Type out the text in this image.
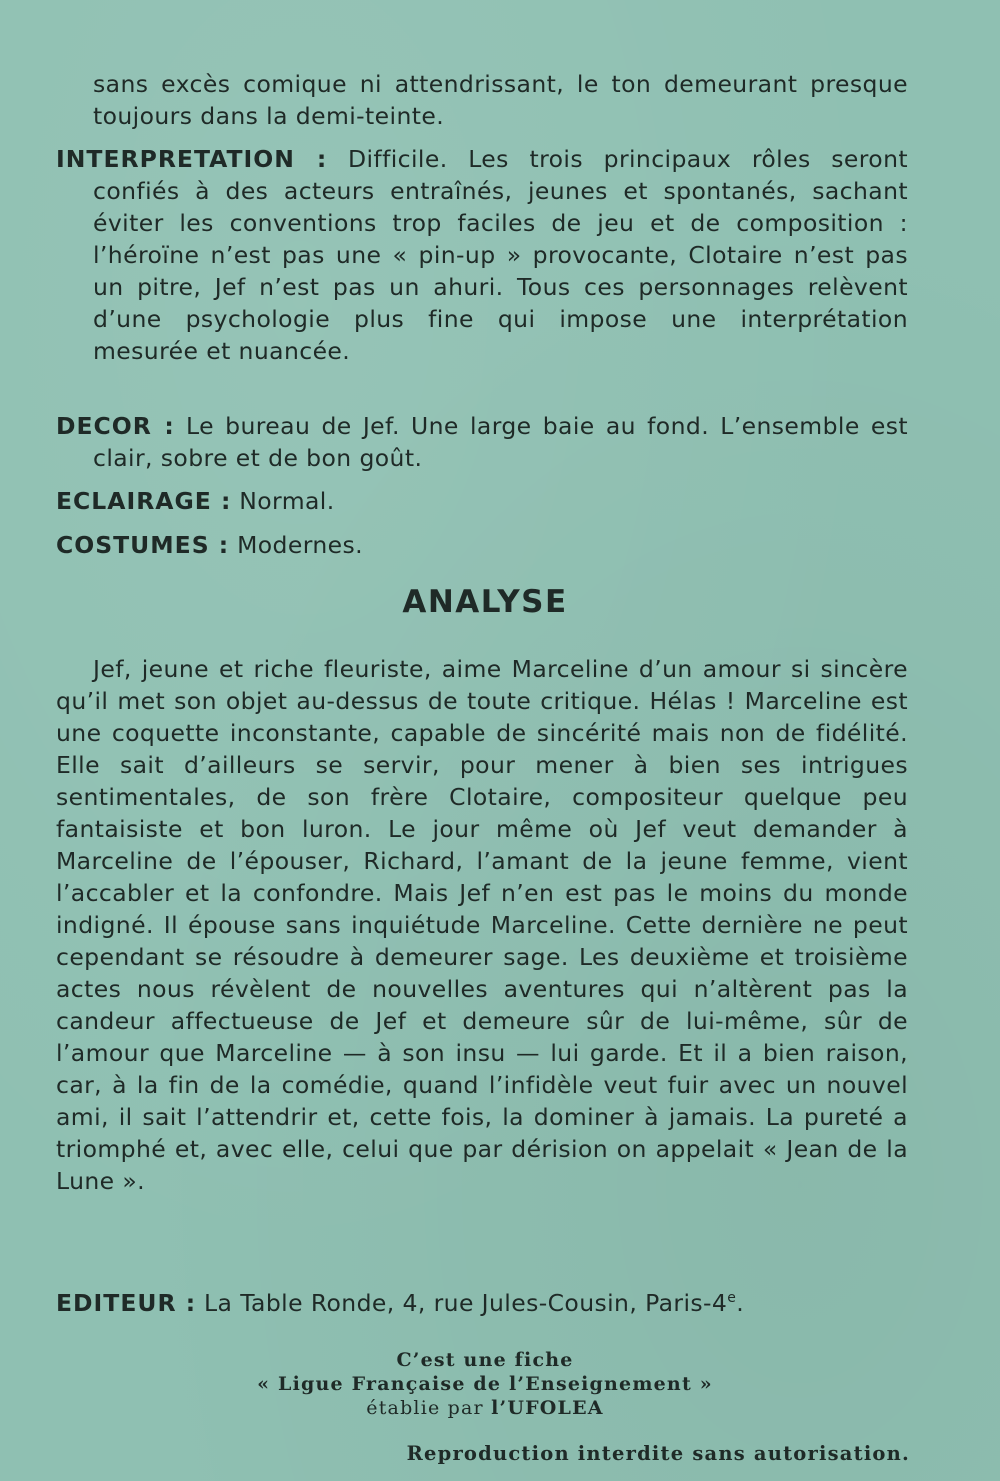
sans excès comique ni attendrissant, le ton demeurant presque toujours dans la demi-teinte.

INTERPRETATION : Difficile. Les trois principaux rôles seront confiés à des acteurs entraînés, jeunes et spontanés, sachant éviter les conventions trop faciles de jeu et de composition : l’héroïne n’est pas une « pin-up » provocante, Clotaire n’est pas un pitre, Jef n’est pas un ahuri. Tous ces personnages relèvent d’une psychologie plus fine qui impose une interprétation mesurée et nuancée.

DECOR : Le bureau de Jef. Une large baie au fond. L’ensemble est clair, sobre et de bon goût.

ECLAIRAGE : Normal.

COSTUMES : Modernes.

ANALYSE

Jef, jeune et riche fleuriste, aime Marceline d’un amour si sincère qu’il met son objet au-dessus de toute critique. Hélas ! Marceline est une coquette inconstante, capable de sincérité mais non de fidélité. Elle sait d’ailleurs se servir, pour mener à bien ses intrigues sentimentales, de son frère Clotaire, compositeur quelque peu fantaisiste et bon luron. Le jour même où Jef veut demander à Marceline de l’épouser, Richard, l’amant de la jeune femme, vient l’accabler et la confondre. Mais Jef n’en est pas le moins du monde indigné. Il épouse sans inquiétude Marceline. Cette dernière ne peut cependant se résoudre à demeurer sage. Les deuxième et troisième actes nous révèlent de nouvelles aventures qui n’altèrent pas la candeur affectueuse de Jef et demeure sûr de lui-même, sûr de l’amour que Marceline — à son insu — lui garde. Et il a bien raison, car, à la fin de la comédie, quand l’infidèle veut fuir avec un nouvel ami, il sait l’attendrir et, cette fois, la dominer à jamais. La pureté a triomphé et, avec elle, celui que par dérision on appelait « Jean de la Lune ».

EDITEUR : La Table Ronde, 4, rue Jules-Cousin, Paris-4e.

C’est une fiche
« Ligue Française de l’Enseignement »
établie par l’UFOLEA

Reproduction interdite sans autorisation.
